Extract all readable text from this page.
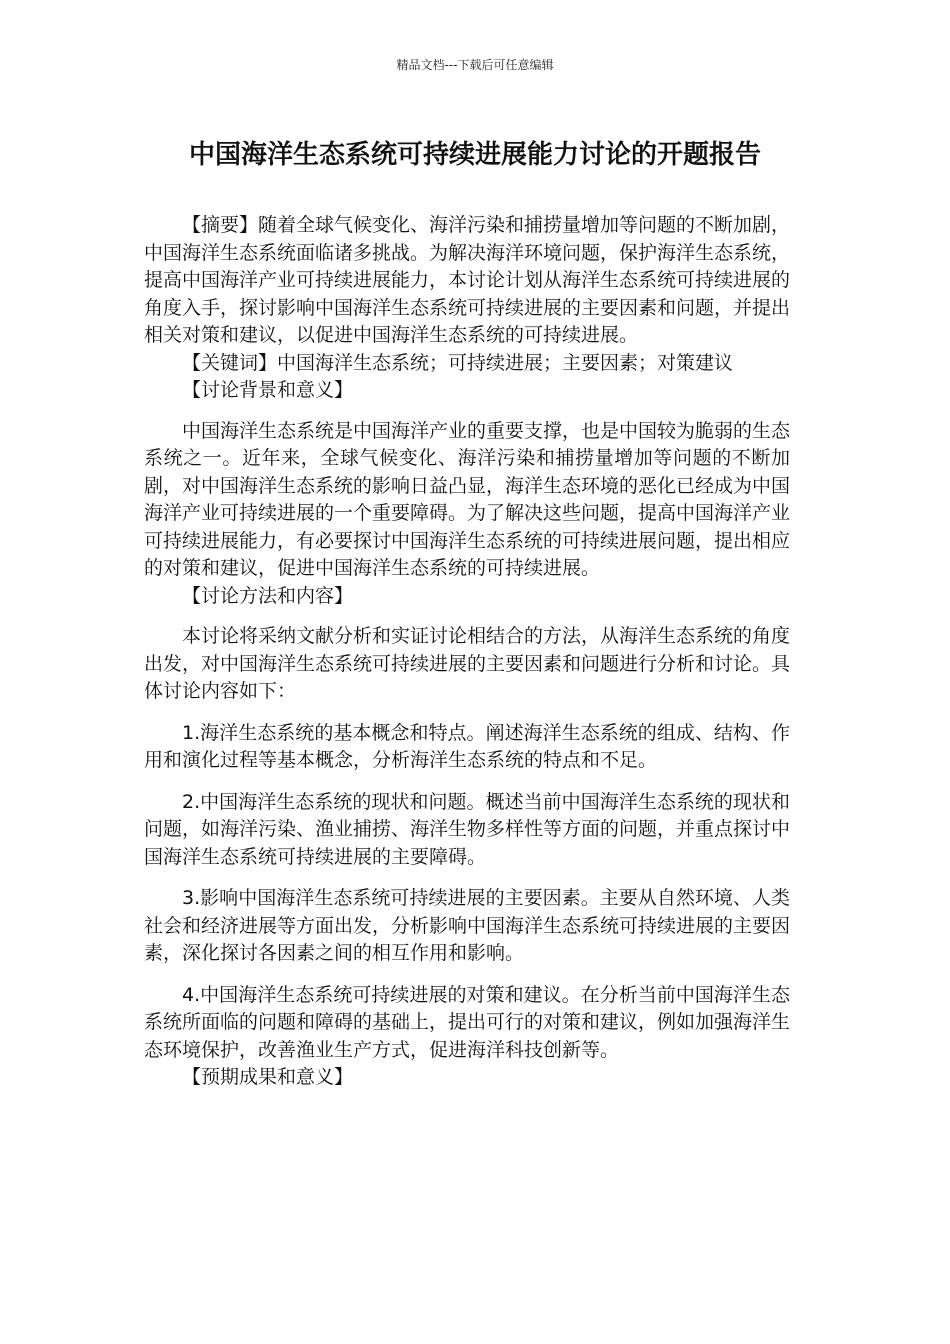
精品文档---下载后可任意编辑
中国海洋生态系统可持续进展能力讨论的开题报告

【摘要】随着全球气候变化、海洋污染和捕捞量增加等问题的不断加剧，中国海洋生态系统面临诸多挑战。为解决海洋环境问题，保护海洋生态系统，提高中国海洋产业可持续进展能力，本讨论计划从海洋生态系统可持续进展的角度入手，探讨影响中国海洋生态系统可持续进展的主要因素和问题，并提出相关对策和建议，以促进中国海洋生态系统的可持续进展。

【关键词】中国海洋生态系统；可持续进展；主要因素；对策建议

【讨论背景和意义】

中国海洋生态系统是中国海洋产业的重要支撑，也是中国较为脆弱的生态系统之一。近年来，全球气候变化、海洋污染和捕捞量增加等问题的不断加剧，对中国海洋生态系统的影响日益凸显，海洋生态环境的恶化已经成为中国海洋产业可持续进展的一个重要障碍。为了解决这些问题，提高中国海洋产业可持续进展能力，有必要探讨中国海洋生态系统的可持续进展问题，提出相应的对策和建议，促进中国海洋生态系统的可持续进展。

【讨论方法和内容】

本讨论将采纳文献分析和实证讨论相结合的方法，从海洋生态系统的角度出发，对中国海洋生态系统可持续进展的主要因素和问题进行分析和讨论。具体讨论内容如下：

1.海洋生态系统的基本概念和特点。阐述海洋生态系统的组成、结构、作用和演化过程等基本概念，分析海洋生态系统的特点和不足。

2.中国海洋生态系统的现状和问题。概述当前中国海洋生态系统的现状和问题，如海洋污染、渔业捕捞、海洋生物多样性等方面的问题，并重点探讨中国海洋生态系统可持续进展的主要障碍。

3.影响中国海洋生态系统可持续进展的主要因素。主要从自然环境、人类社会和经济进展等方面出发，分析影响中国海洋生态系统可持续进展的主要因素，深化探讨各因素之间的相互作用和影响。

4.中国海洋生态系统可持续进展的对策和建议。在分析当前中国海洋生态系统所面临的问题和障碍的基础上，提出可行的对策和建议，例如加强海洋生态环境保护，改善渔业生产方式，促进海洋科技创新等。

【预期成果和意义】
